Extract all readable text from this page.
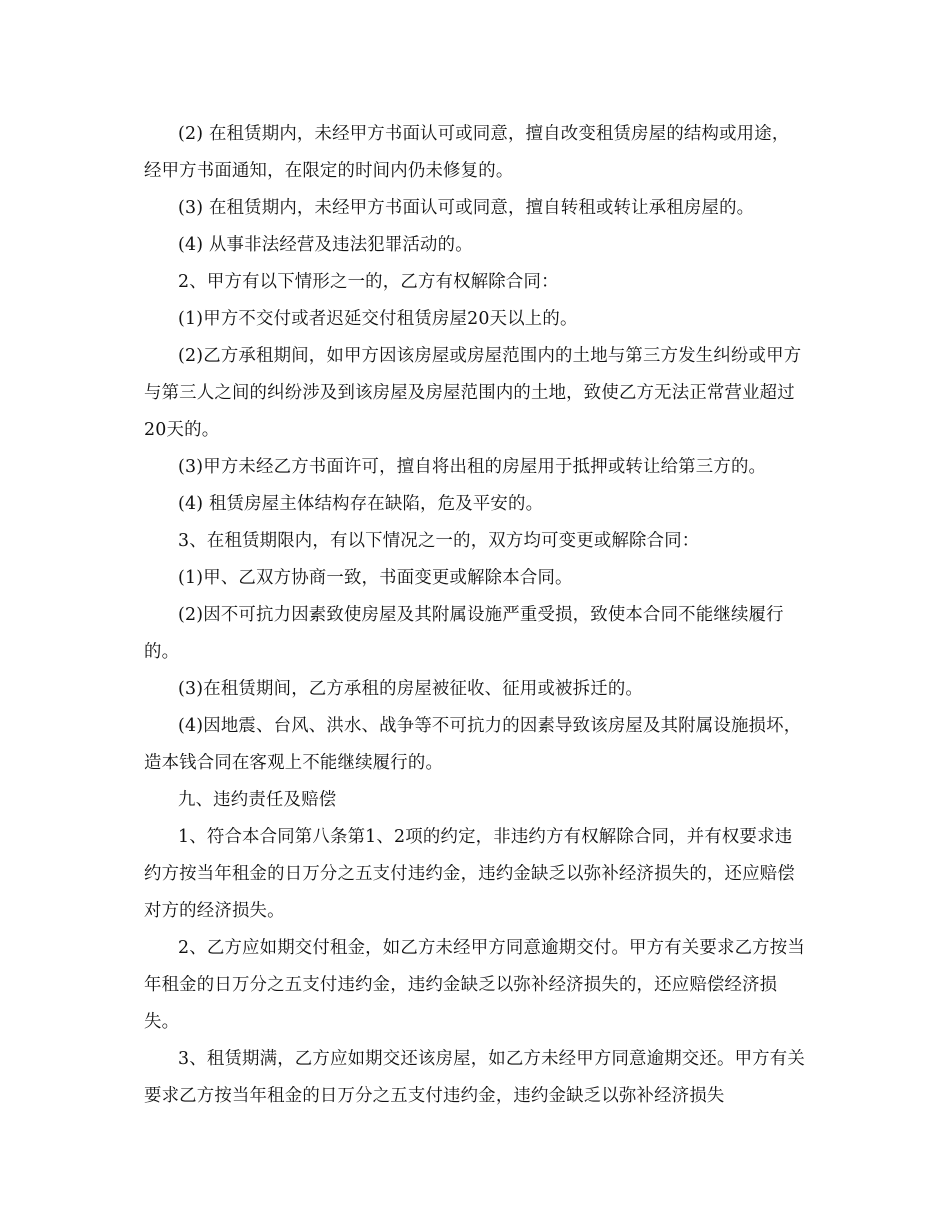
(2) 在租赁期内，未经甲方书面认可或同意，擅自改变租赁房屋的结构或用途，经甲方书面通知，在限定的时间内仍未修复的。

(3) 在租赁期内，未经甲方书面认可或同意，擅自转租或转让承租房屋的。

(4) 从事非法经营及违法犯罪活动的。

2、甲方有以下情形之一的，乙方有权解除合同：

(1)甲方不交付或者迟延交付租赁房屋20天以上的。

(2)乙方承租期间，如甲方因该房屋或房屋范围内的土地与第三方发生纠纷或甲方与第三人之间的纠纷涉及到该房屋及房屋范围内的土地，致使乙方无法正常营业超过20天的。

(3)甲方未经乙方书面许可，擅自将出租的房屋用于抵押或转让给第三方的。

(4) 租赁房屋主体结构存在缺陷，危及平安的。

3、在租赁期限内，有以下情况之一的，双方均可变更或解除合同：

(1)甲、乙双方协商一致，书面变更或解除本合同。

(2)因不可抗力因素致使房屋及其附属设施严重受损，致使本合同不能继续履行的。

(3)在租赁期间，乙方承租的房屋被征收、征用或被拆迁的。

(4)因地震、台风、洪水、战争等不可抗力的因素导致该房屋及其附属设施损坏，造本钱合同在客观上不能继续履行的。

九、违约责任及赔偿

1、符合本合同第八条第1、2项的约定，非违约方有权解除合同，并有权要求违约方按当年租金的日万分之五支付违约金，违约金缺乏以弥补经济损失的，还应赔偿对方的经济损失。

2、乙方应如期交付租金，如乙方未经甲方同意逾期交付。甲方有关要求乙方按当年租金的日万分之五支付违约金，违约金缺乏以弥补经济损失的，还应赔偿经济损失。

3、租赁期满，乙方应如期交还该房屋，如乙方未经甲方同意逾期交还。甲方有关要求乙方按当年租金的日万分之五支付违约金，违约金缺乏以弥补经济损失
